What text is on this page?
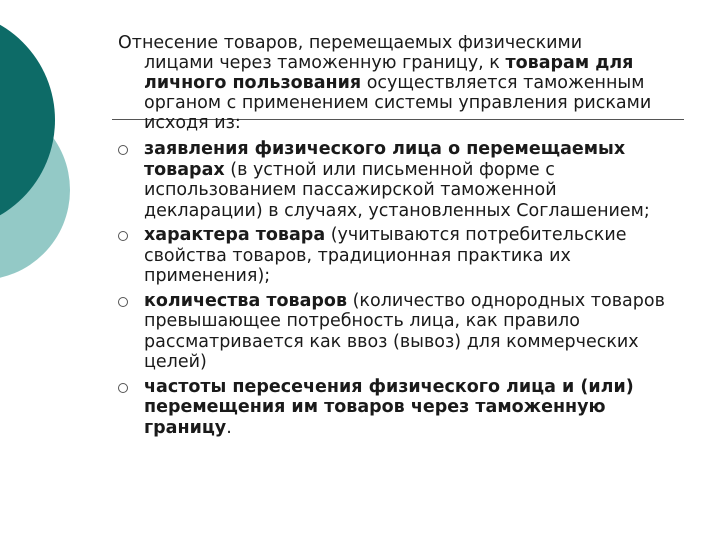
Отнесение товаров, перемещаемых физическими
лицами через таможенную границу, к товарам для личного пользования осуществляется таможенным органом с применением системы управления рисками исходя из:
заявления физического лица о перемещаемых товарах (в устной или письменной форме с использованием пассажирской таможенной декларации) в случаях, установленных Соглашением;
характера товара (учитываются потребительские свойства товаров, традиционная практика их применения);
количества товаров (количество однородных товаров превышающее потребность лица, как правило рассматривается как ввоз (вывоз) для коммерческих целей)
частоты пересечения физического лица и (или) перемещения им товаров через таможенную границу.
